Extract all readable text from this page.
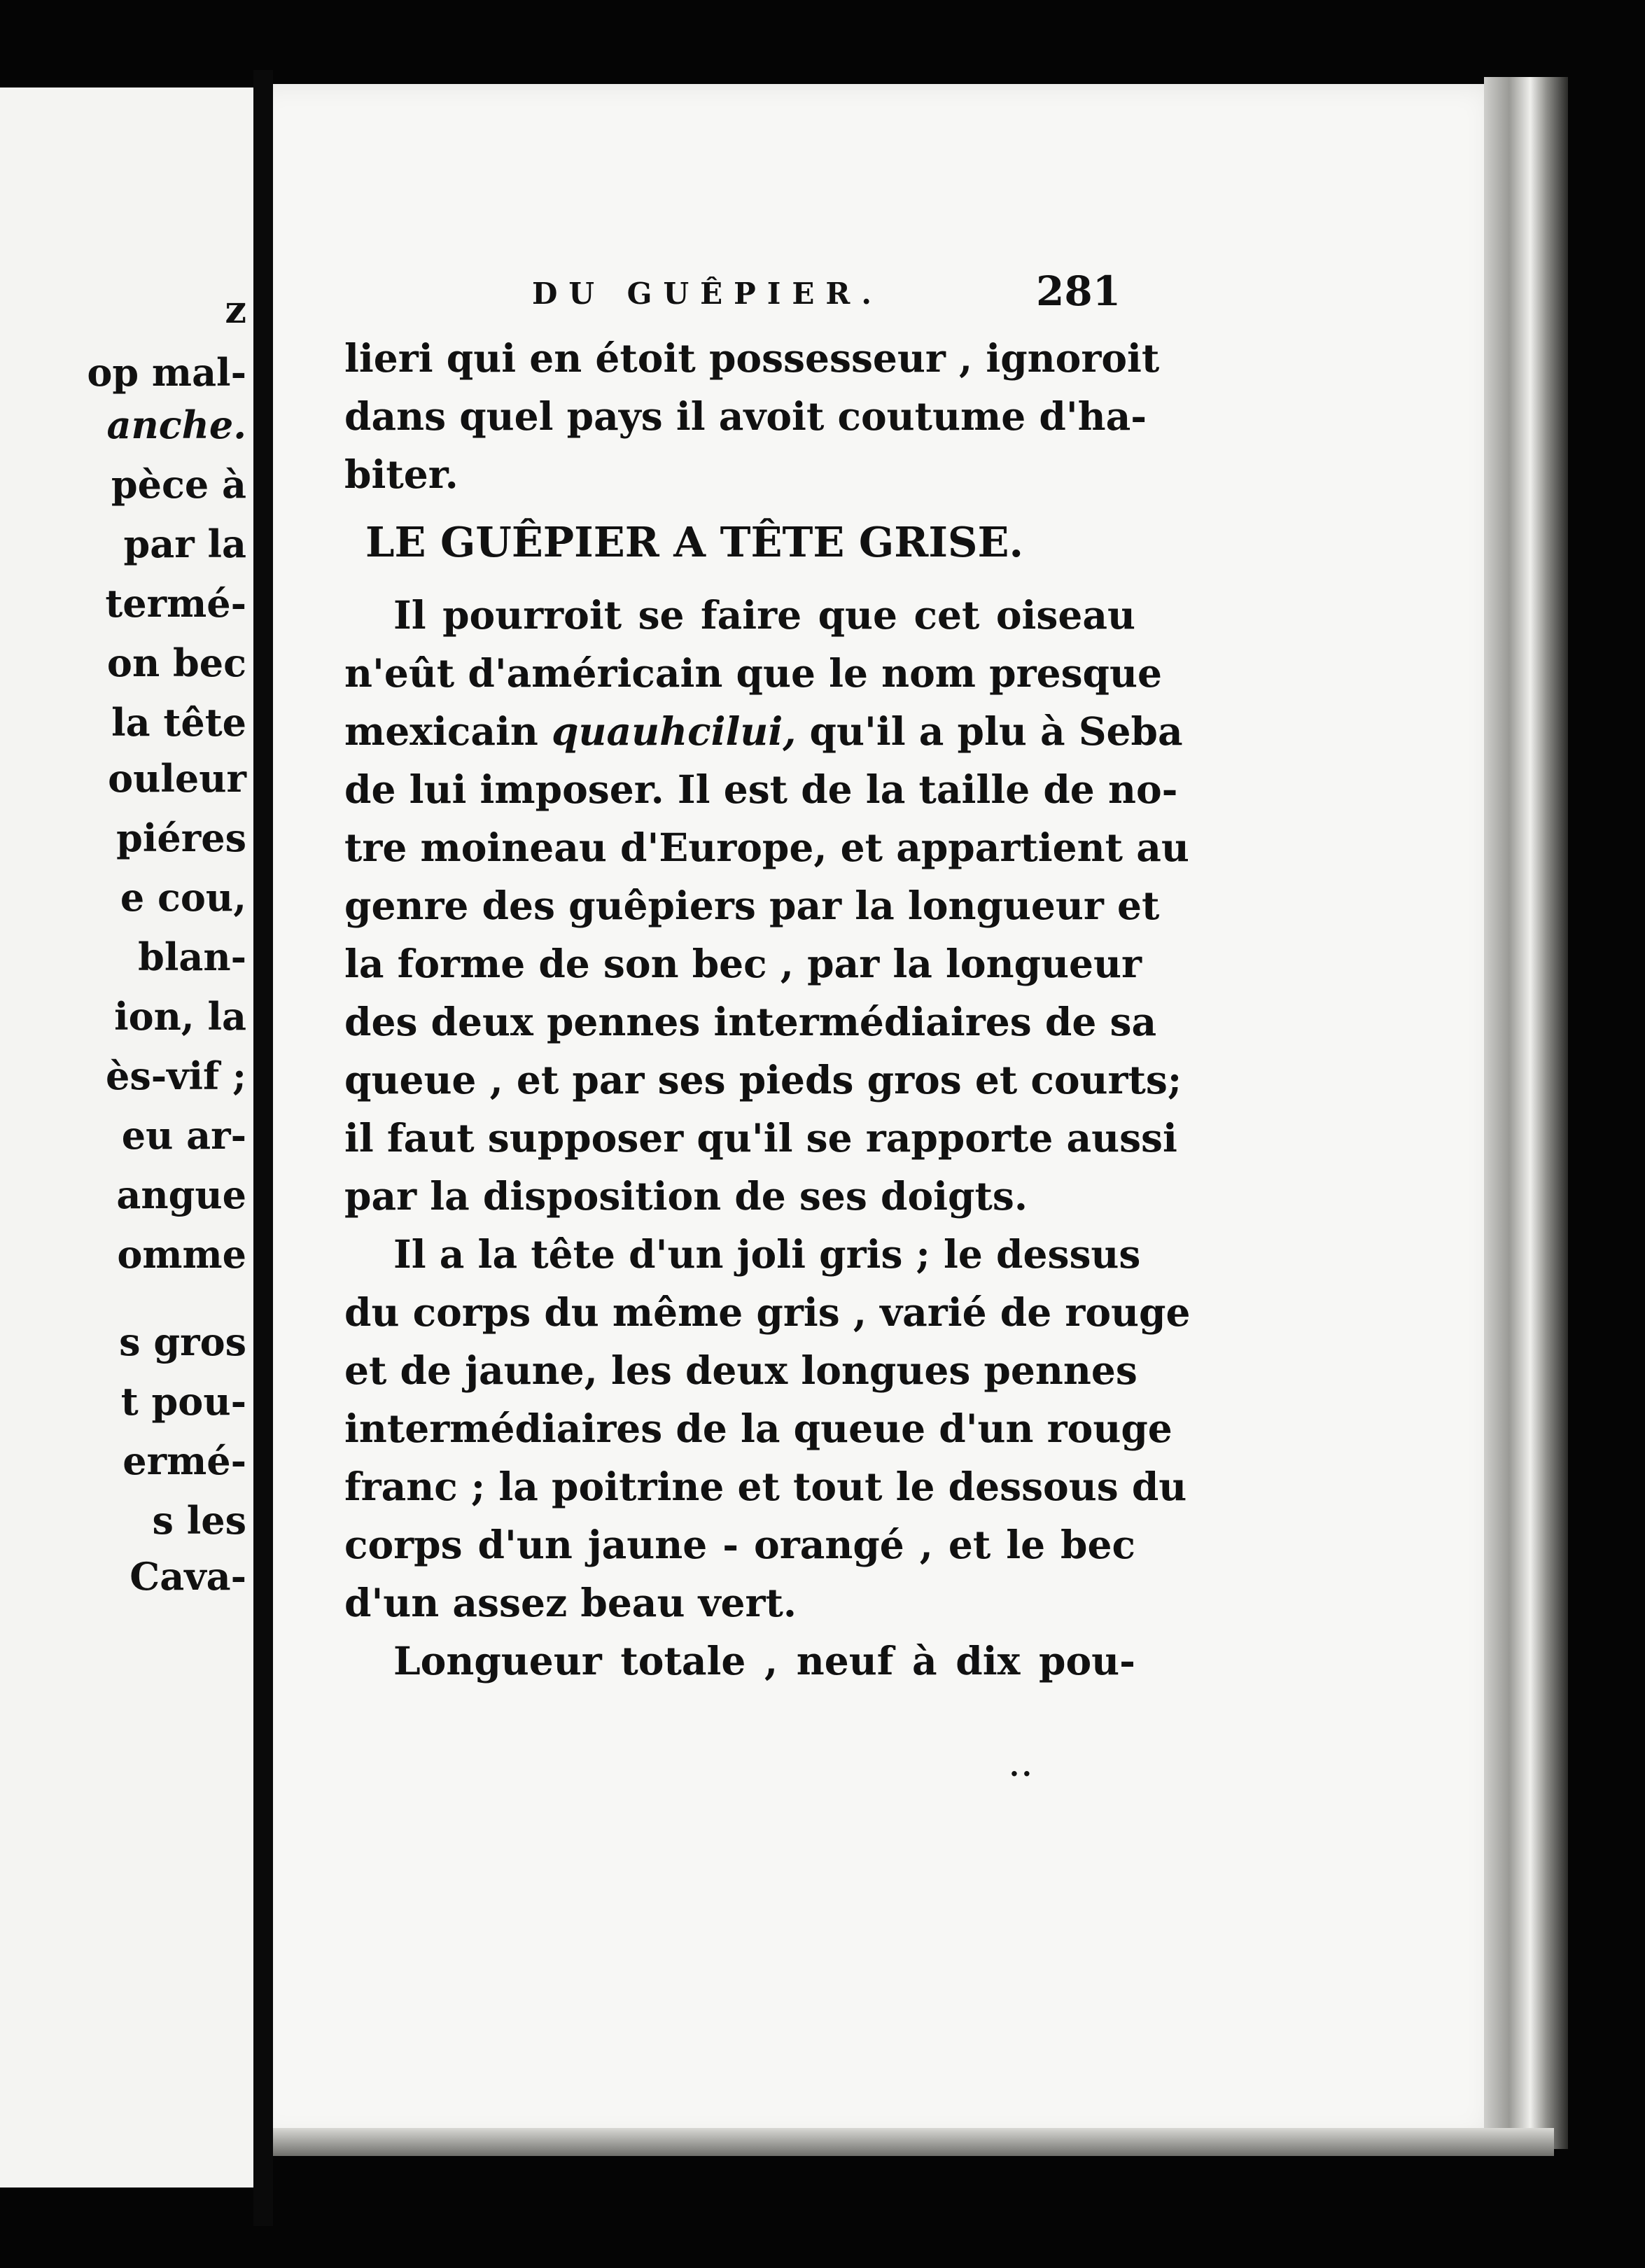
z
op mal-
anche.
pèce à
par la
termé-
on bec
la tête
ouleur
piéres
e cou,
blan-
ion, la
ès-vif ;
eu ar-
angue
omme
s gros
t pou-
ermé-
s les
Cava-
DU GUÊPIER.	281
lieri qui en étoit possesseur , ignoroit
dans quel pays il avoit coutume d'ha-
biter.
LE GUÊPIER A TÊTE GRISE.
Il pourroit se faire que cet oiseau
n'eût d'américain que le nom presque
mexicain quauhcilui, qu'il a plu à Seba
de lui imposer. Il est de la taille de no-
tre moineau d'Europe, et appartient au
genre des guêpiers par la longueur et
la forme de son bec , par la longueur
des deux pennes intermédiaires de sa
queue , et par ses pieds gros et courts;
il faut supposer qu'il se rapporte aussi
par la disposition de ses doigts.
Il a la tête d'un joli gris ; le dessus
du corps du même gris , varié de rouge
et de jaune, les deux longues pennes
intermédiaires de la queue d'un rouge
franc ; la poitrine et tout le dessous du
corps d'un jaune - orangé , et le bec
d'un assez beau vert.
Longueur totale , neuf à dix pou-
..
